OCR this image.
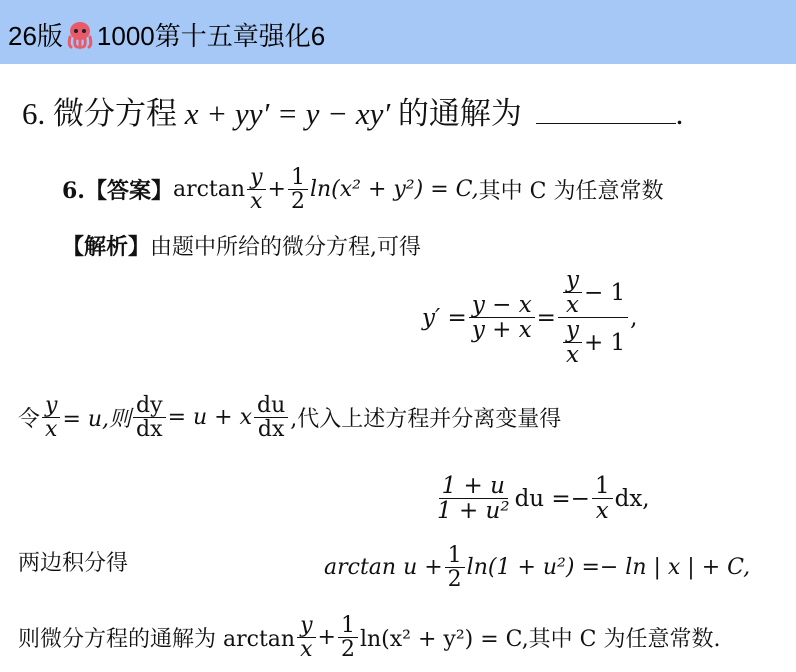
26版 1000第十五章强化6
6. 微分方程 x + yy′ = y − xy′ 的通解为	.
6.【答案】 $\arctan \frac{y}{x} + \frac{1}{2} \ln(x^2 + y^2) = C$, 其中 C 为任意常数
【解析】 由题中所给的微分方程,可得
$y' = \frac{y - x}{y + x} = \frac{\frac{y}{x} - 1}{\frac{y}{x} + 1}$ ,
令 $\frac{y}{x} = u$,则 $\frac{dy}{dx} = u + x \frac{du}{dx}$ ,代入上述方程并分离变量得
$\frac{1 + u}{\text{1 + u²}}$ du =− $\frac{1}{x}$ dx,
两边积分得	$\arctan u + \frac{1}{2} \ln(1 + u^2) =- \ln$ | x | + C,
则微分方程的通解为 $\arctan \frac{y}{x} + \frac{1}{2} \ln(x^2 + y^2) = C$,其中 C 为任意常数.
